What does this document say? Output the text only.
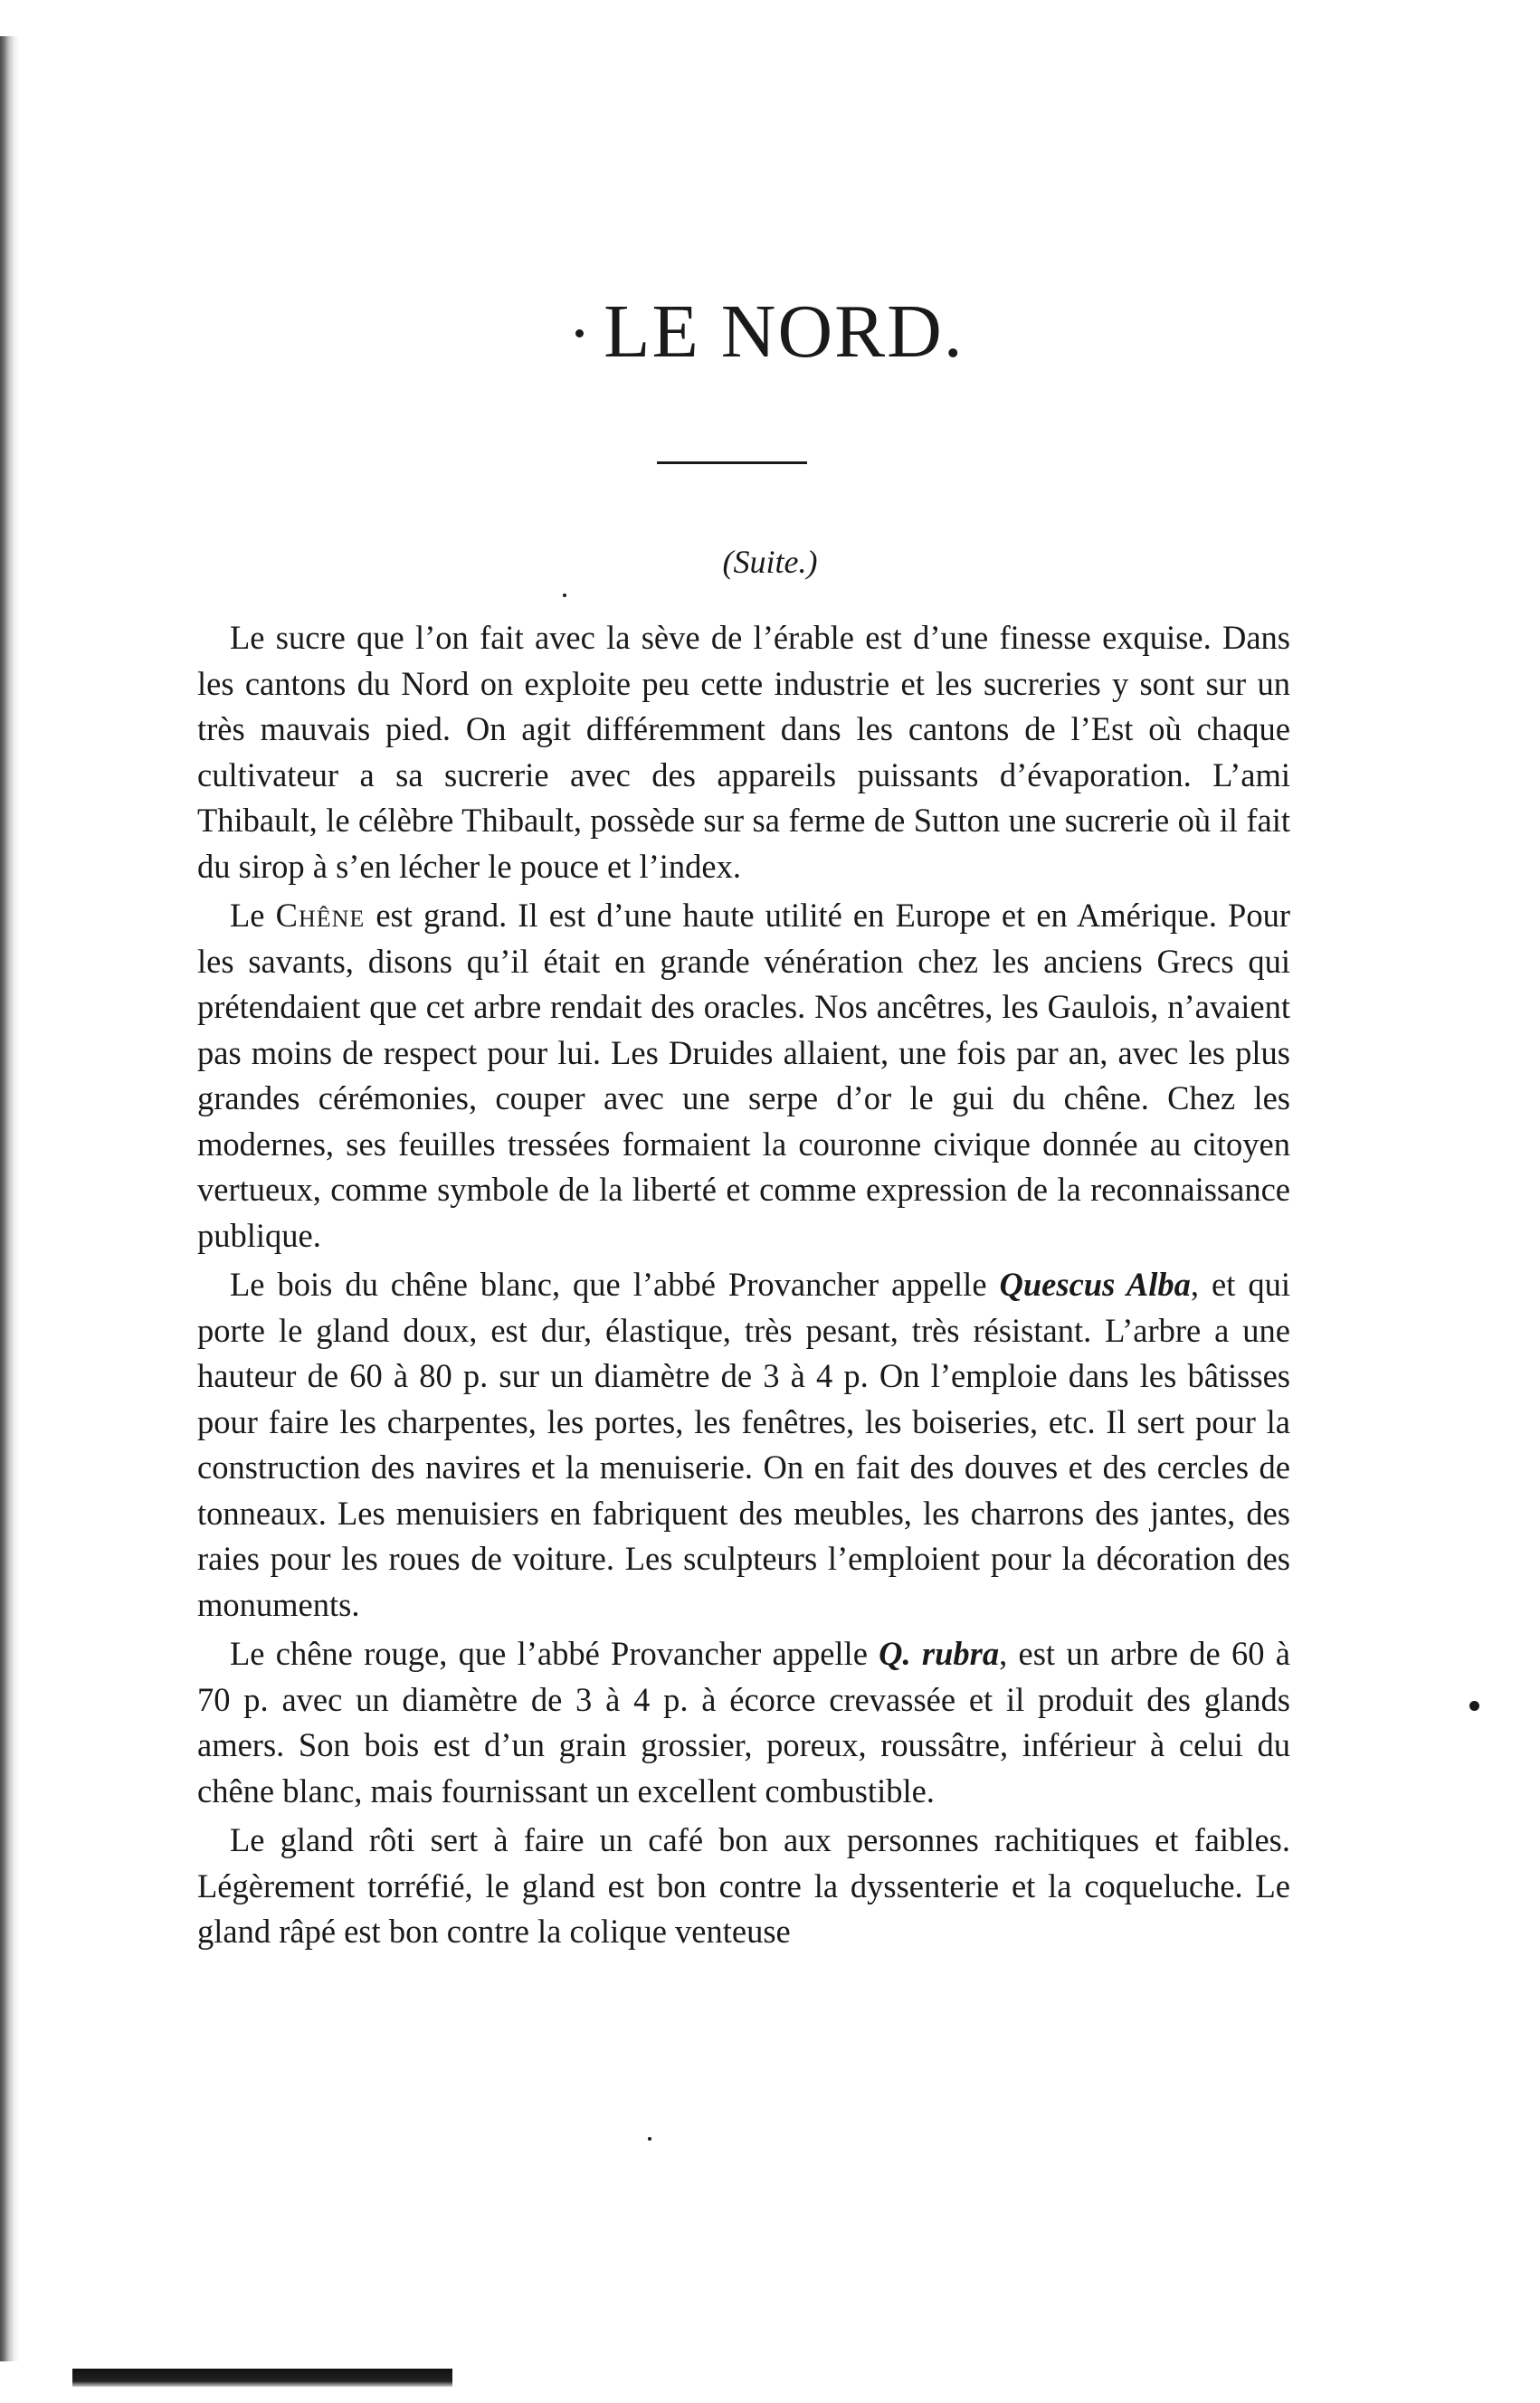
LE NORD.
(Suite.)

Le sucre que l’on fait avec la sève de l’érable est d’une finesse exquise. Dans les cantons du Nord on exploite peu cette industrie et les sucreries y sont sur un très mauvais pied. On agit différemment dans les cantons de l’Est où chaque cultivateur a sa sucrerie avec des appareils puissants d’évaporation. L’ami Thibault, le célèbre Thibault, possède sur sa ferme de Sutton une sucrerie où il fait du sirop à s’en lécher le pouce et l’index.

Le Chêne est grand. Il est d’une haute utilité en Europe et en Amérique. Pour les savants, disons qu’il était en grande vénération chez les anciens Grecs qui prétendaient que cet arbre rendait des oracles. Nos ancêtres, les Gaulois, n’avaient pas moins de respect pour lui. Les Druides allaient, une fois par an, avec les plus grandes cérémonies, couper avec une serpe d’or le gui du chêne. Chez les modernes, ses feuilles tressées formaient la couronne civique donnée au citoyen vertueux, comme symbole de la liberté et comme expression de la reconnaissance publique.

Le bois du chêne blanc, que l’abbé Provancher appelle Quescus Alba, et qui porte le gland doux, est dur, élastique, très pesant, très résistant. L’arbre a une hauteur de 60 à 80 p. sur un diamètre de 3 à 4 p. On l’emploie dans les bâtisses pour faire les charpentes, les portes, les fenêtres, les boiseries, etc. Il sert pour la construction des navires et la menuiserie. On en fait des douves et des cercles de tonneaux. Les menuisiers en fabriquent des meubles, les charrons des jantes, des raies pour les roues de voiture. Les sculpteurs l’emploient pour la décoration des monuments.

Le chêne rouge, que l’abbé Provancher appelle Q. rubra, est un arbre de 60 à 70 p. avec un diamètre de 3 à 4 p. à écorce crevassée et il produit des glands amers. Son bois est d’un grain grossier, poreux, roussâtre, inférieur à celui du chêne blanc, mais fournissant un excellent combustible.

Le gland rôti sert à faire un café bon aux personnes rachitiques et faibles. Légèrement torréfié, le gland est bon contre la dyssenterie et la coqueluche. Le gland râpé est bon contre la colique venteuse
